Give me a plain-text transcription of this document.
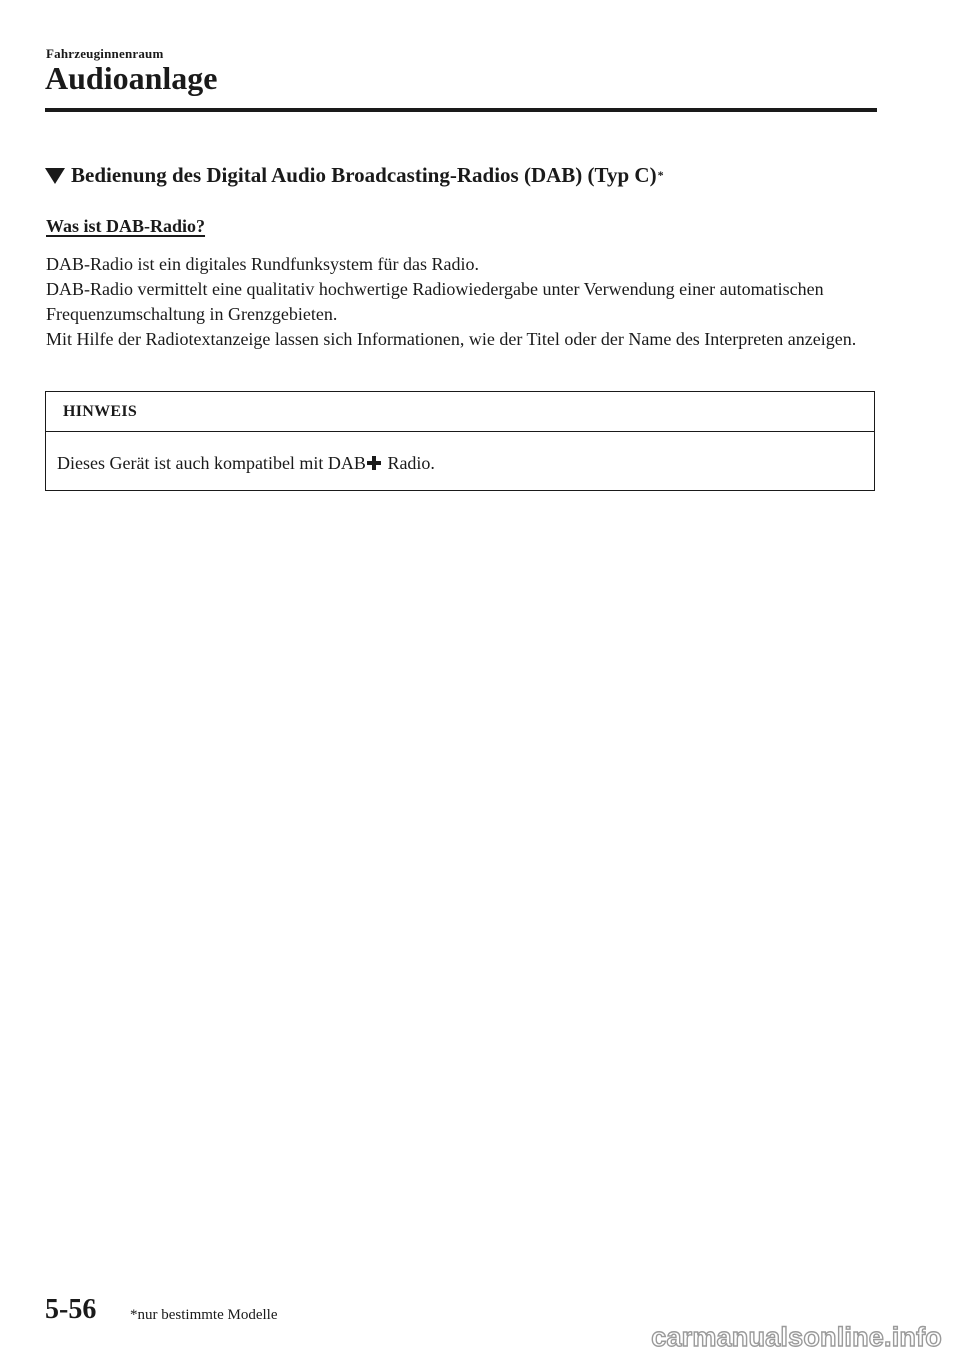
Fahrzeuginnenraum
Audioanlage
Bedienung des Digital Audio Broadcasting-Radios (DAB) (Typ C) *
Was ist DAB-Radio?

DAB-Radio ist ein digitales Rundfunksystem für das Radio.

DAB-Radio vermittelt eine qualitativ hochwertige Radiowiedergabe unter Verwendung einer automatischen Frequenzumschaltung in Grenzgebieten.

Mit Hilfe der Radiotextanzeige lassen sich Informationen, wie der Titel oder der Name des Interpreten anzeigen.

HINWEIS
Dieses Gerät ist auch kompatibel mit DAB Radio.
5-56 *nur bestimmte Modelle
carmanualsonline.info
